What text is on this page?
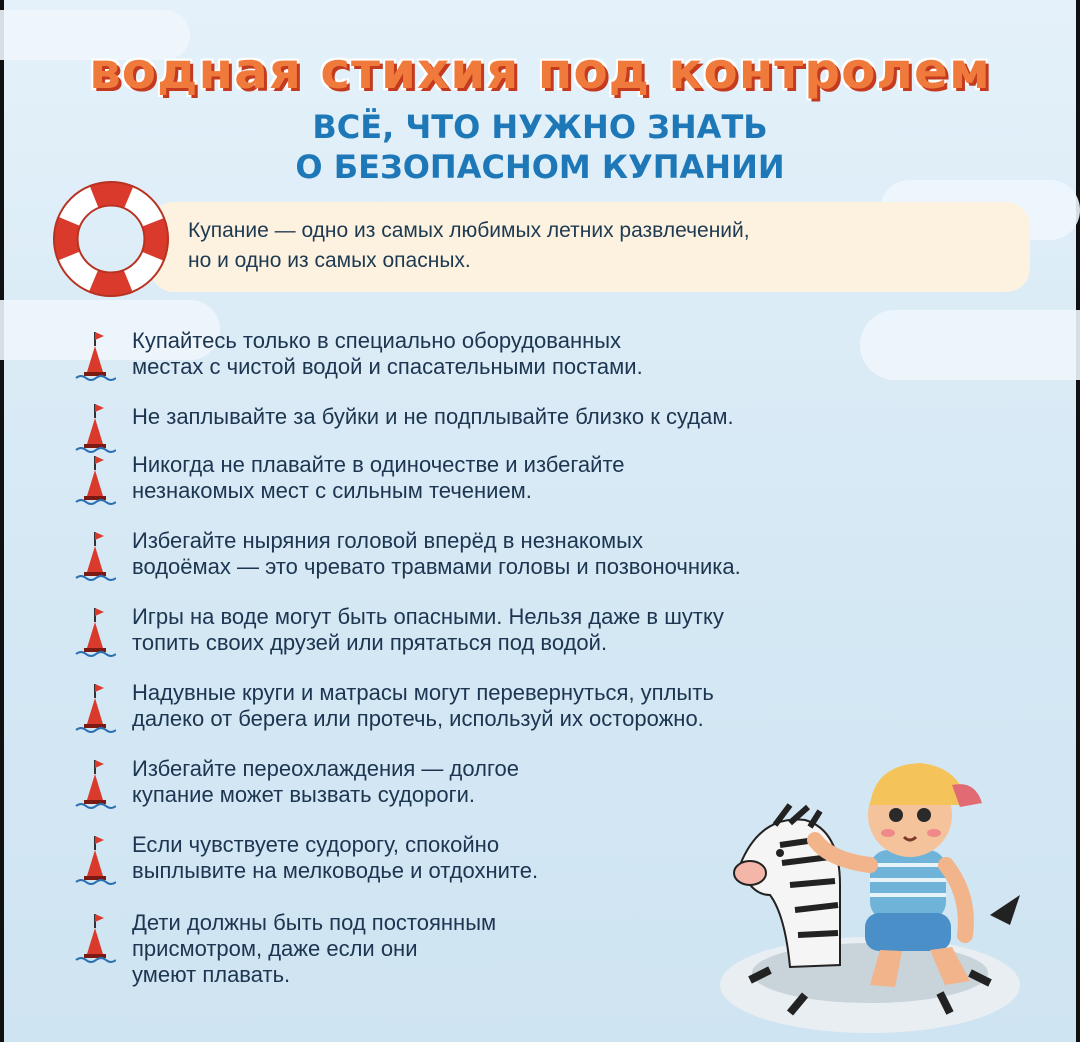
водная стихия под контролем
ВСЁ, ЧТО НУЖНО ЗНАТЬ
О БЕЗОПАСНОМ КУПАНИИ
Купание — одно из самых любимых летних развлечений,
но и одно из самых опасных.
Купайтесь только в специально оборудованных
местах с чистой водой и спасательными постами.
Не заплывайте за буйки и не подплывайте близко к судам.
Никогда не плавайте в одиночестве и избегайте
незнакомых мест с сильным течением.
Избегайте ныряния головой вперёд в незнакомых
водоёмах — это чревато травмами головы и позвоночника.
Игры на воде могут быть опасными. Нельзя даже в шутку
топить своих друзей или прятаться под водой.
Надувные круги и матрасы могут перевернуться, уплыть
далеко от берега или протечь, используй их осторожно.
Избегайте переохлаждения — долгое
купание может вызвать судороги.
Если чувствуете судорогу, спокойно
выплывите на мелководье и отдохните.
Дети должны быть под постоянным
присмотром, даже если они
умеют плавать.
